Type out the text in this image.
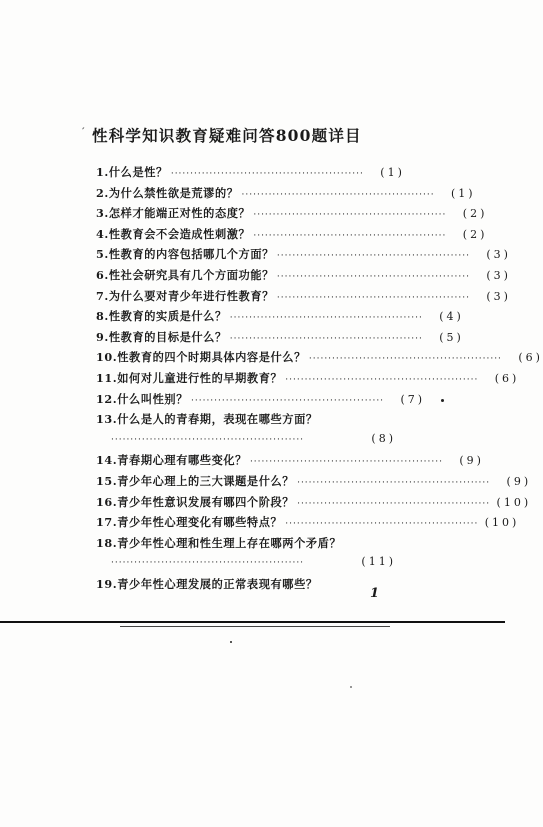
′ 性科学知识教育疑难问答800题详目
1.什么是性？ ··················································	(1)
2.为什么禁性欲是荒谬的？ ··················································	(1)
3.怎样才能端正对性的态度？ ··················································	(2)
4.性教育会不会造成性刺激？ ··················································	(2)
5.性教育的内容包括哪几个方面？ ··················································	(3)
6.性社会研究具有几个方面功能？ ··················································	(3)
7.为什么要对青少年进行性教育？ ··················································	(3)
8.性教育的实质是什么？ ··················································	(4)
9.性教育的目标是什么？ ··················································	(5)
10.性教育的四个时期具体内容是什么？ ··················································	(6)
11.如何对儿童进行性的早期教育？ ··················································	(6)
12.什么叫性别？ ··················································	(7)
13.什么是人的青春期，表现在哪些方面？
··················································	(8)
14.青春期心理有哪些变化？ ··················································	(9)
15.青少年心理上的三大课题是什么？ ··················································	(9)
16.青少年性意识发展有哪四个阶段？ ·················································· (10)
17.青少年性心理变化有哪些特点？ ·················································· (10)
18.青少年性心理和性生理上存在哪两个矛盾？
··················································	(11)
19.青少年性心理发展的正常表现有哪些？
1
